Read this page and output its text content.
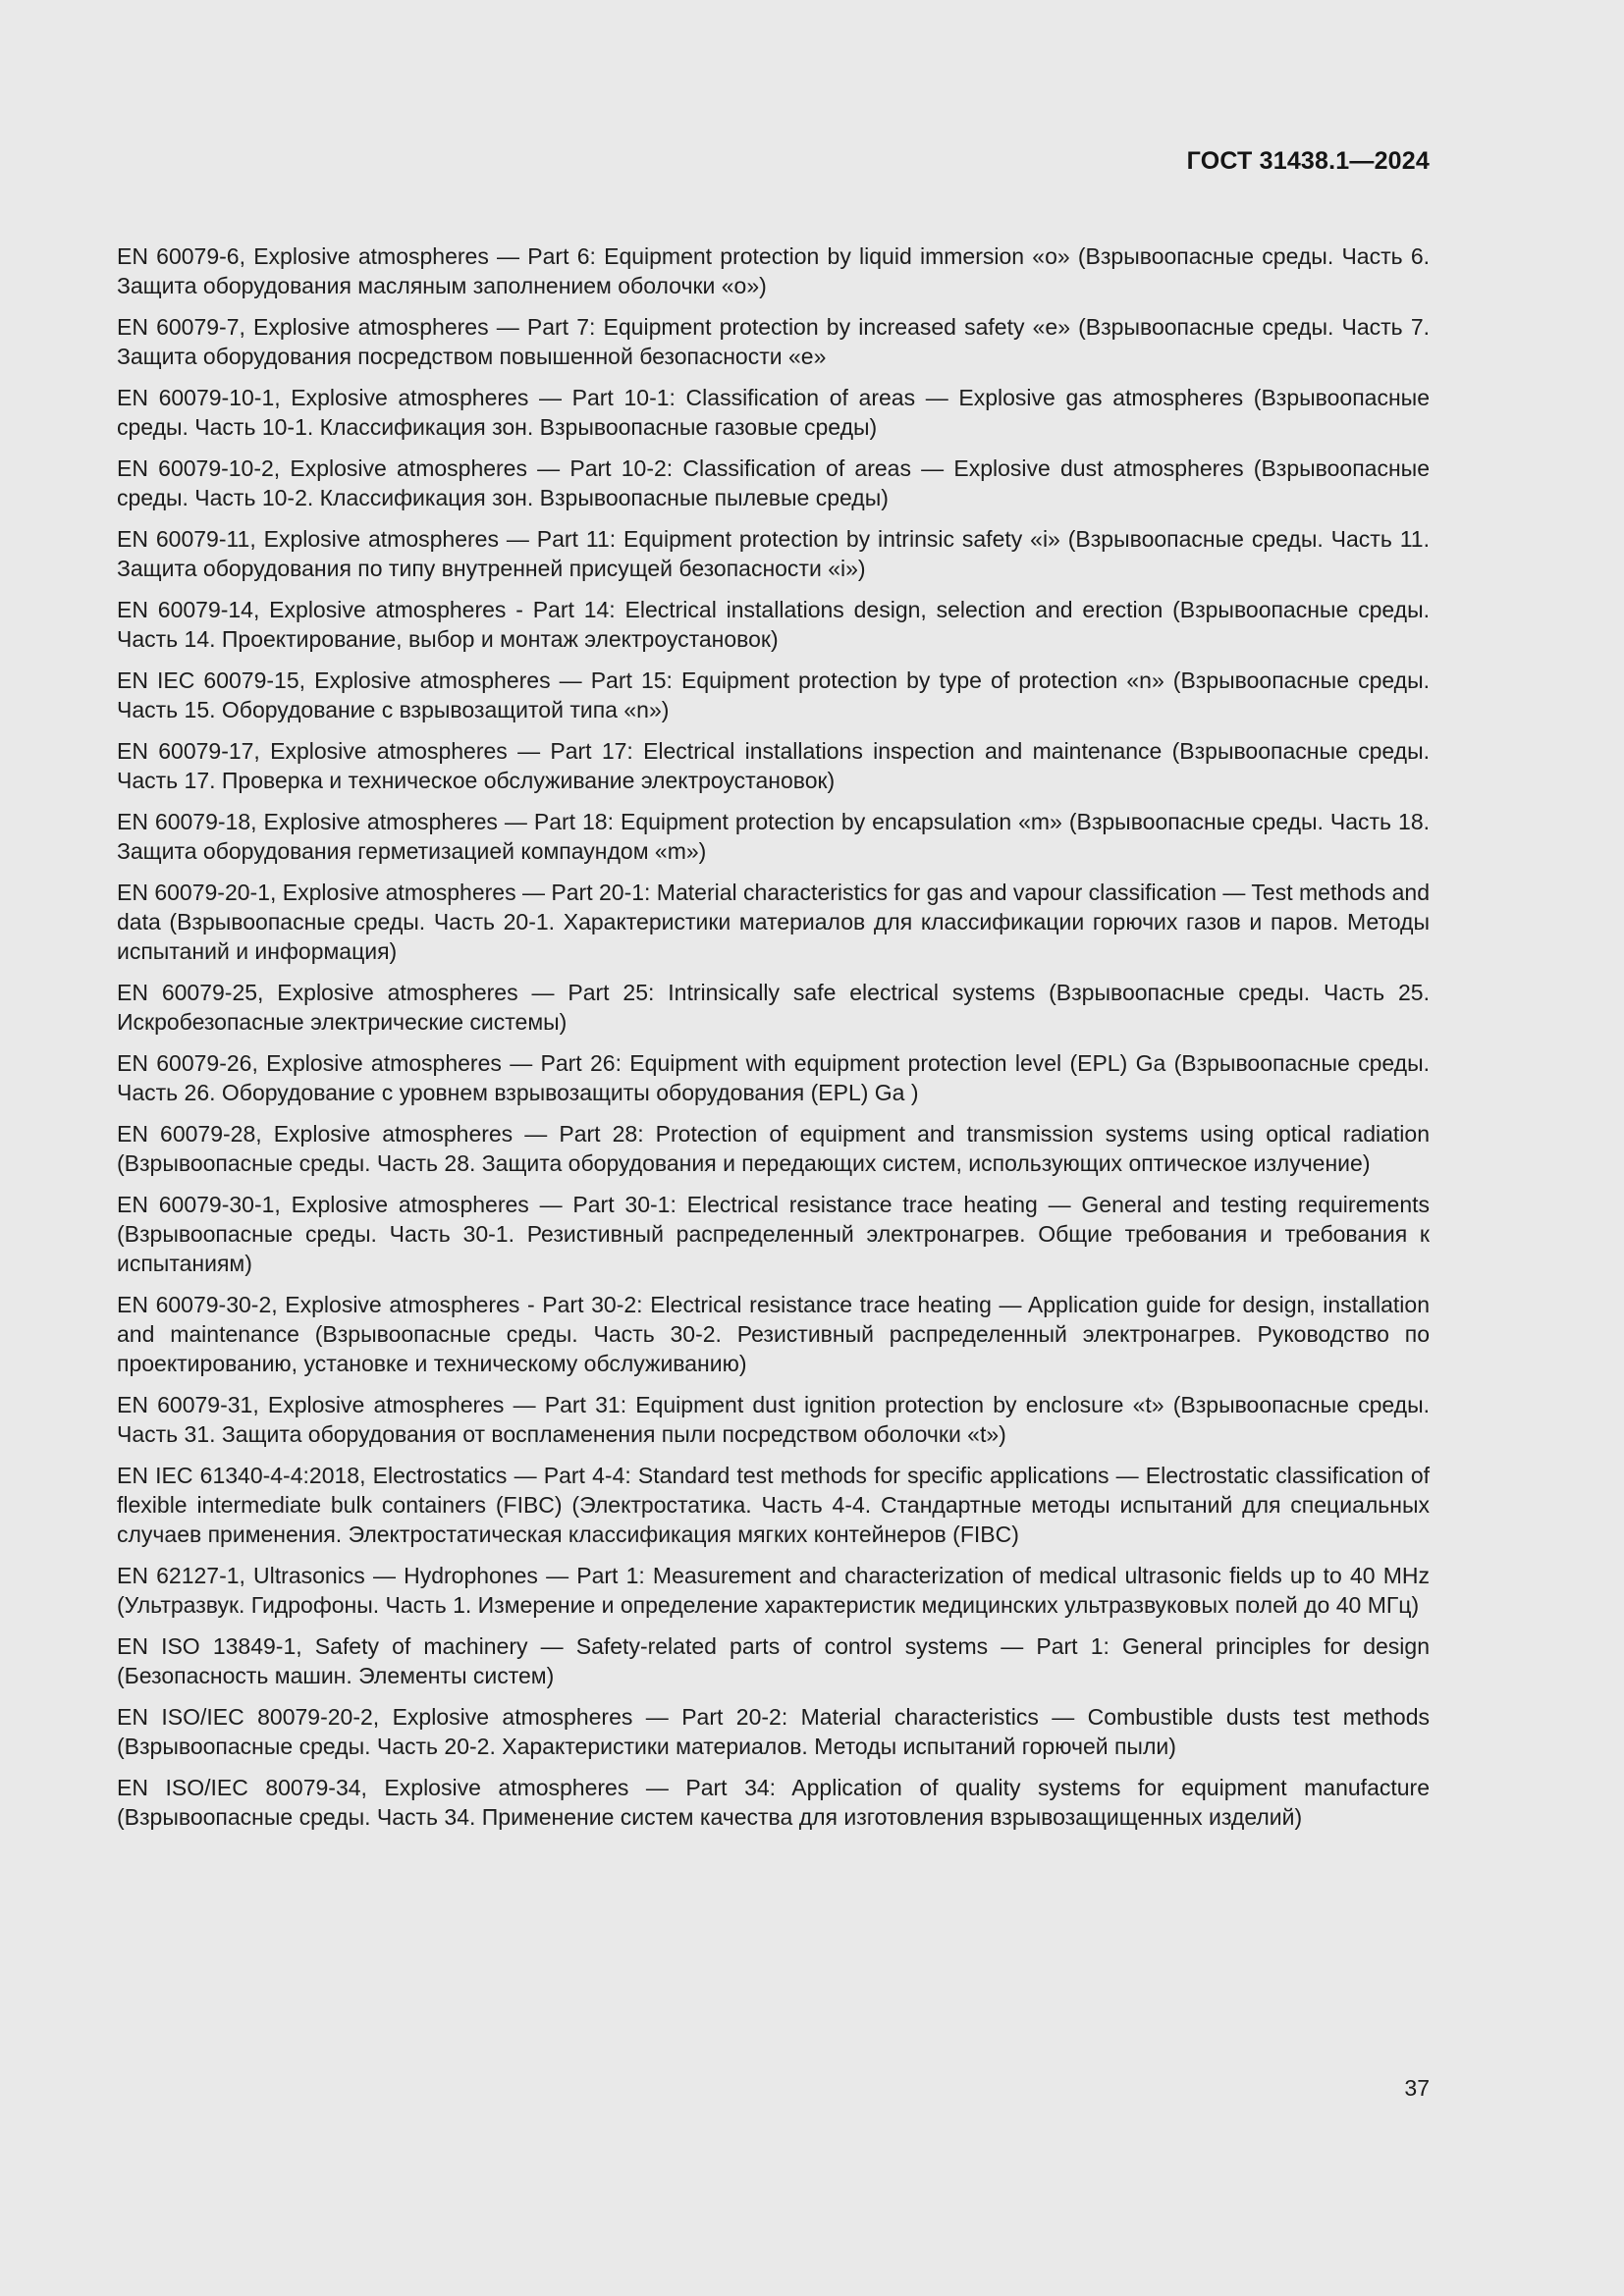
ГОСТ 31438.1—2024
EN 60079-6, Explosive atmospheres — Part 6: Equipment protection by liquid immersion «o» (Взрывоопасные среды. Часть 6. Защита оборудования масляным заполнением оболочки «o»)
EN 60079-7, Explosive atmospheres — Part 7: Equipment protection by increased safety «e» (Взрывоопасные среды. Часть 7. Защита оборудования посредством повышенной безопасности «e»
EN 60079-10-1, Explosive atmospheres — Part 10-1: Classification of areas — Explosive gas atmospheres (Взрывоопасные среды. Часть 10-1. Классификация зон. Взрывоопасные газовые среды)
EN 60079-10-2, Explosive atmospheres — Part 10-2: Classification of areas — Explosive dust atmospheres (Взрывоопасные среды. Часть 10-2. Классификация зон. Взрывоопасные пылевые среды)
EN 60079-11, Explosive atmospheres — Part 11: Equipment protection by intrinsic safety «i» (Взрывоопасные среды. Часть 11. Защита оборудования по типу внутренней присущей безопасности «i»)
EN 60079-14, Explosive atmospheres - Part 14: Electrical installations design, selection and erection (Взрывоопасные среды. Часть 14. Проектирование, выбор и монтаж электроустановок)
EN IEC 60079-15, Explosive atmospheres — Part 15: Equipment protection by type of protection «n» (Взрывоопасные среды. Часть 15. Оборудование с взрывозащитой типа «n»)
EN 60079-17, Explosive atmospheres — Part 17: Electrical installations inspection and maintenance (Взрывоопасные среды. Часть 17. Проверка и техническое обслуживание электроустановок)
EN 60079-18, Explosive atmospheres — Part 18: Equipment protection by encapsulation «m» (Взрывоопасные среды. Часть 18. Защита оборудования герметизацией компаундом «m»)
EN 60079-20-1, Explosive atmospheres — Part 20-1: Material characteristics for gas and vapour classification — Test methods and data (Взрывоопасные среды. Часть 20-1. Характеристики материалов для классификации горючих газов и паров. Методы испытаний и информация)
EN 60079-25, Explosive atmospheres — Part 25: Intrinsically safe electrical systems (Взрывоопасные среды. Часть 25. Искробезопасные электрические системы)
EN 60079-26, Explosive atmospheres — Part 26: Equipment with equipment protection level (EPL) Ga (Взрывоопасные среды. Часть 26. Оборудование с уровнем взрывозащиты оборудования (EPL) Ga )
EN 60079-28, Explosive atmospheres — Part 28: Protection of equipment and transmission systems using optical radiation (Взрывоопасные среды. Часть 28. Защита оборудования и передающих систем, использующих оптическое излучение)
EN 60079-30-1, Explosive atmospheres — Part 30-1: Electrical resistance trace heating — General and testing requirements (Взрывоопасные среды. Часть 30-1. Резистивный распределенный электронагрев. Общие требования и требования к испытаниям)
EN 60079-30-2, Explosive atmospheres - Part 30-2: Electrical resistance trace heating — Application guide for design, installation and maintenance (Взрывоопасные среды. Часть 30-2. Резистивный распределенный электронагрев. Руководство по проектированию, установке и техническому обслуживанию)
EN 60079-31, Explosive atmospheres — Part 31: Equipment dust ignition protection by enclosure «t» (Взрывоопасные среды. Часть 31. Защита оборудования от воспламенения пыли посредством оболочки «t»)
EN IEC 61340-4-4:2018, Electrostatics — Part 4-4: Standard test methods for specific applications — Electrostatic classification of flexible intermediate bulk containers (FIBC) (Электростатика. Часть 4-4. Стандартные методы испытаний для специальных случаев применения. Электростатическая классификация мягких контейнеров (FIBC)
EN 62127-1, Ultrasonics — Hydrophones — Part 1: Measurement and characterization of medical ultrasonic fields up to 40 MHz (Ультразвук. Гидрофоны. Часть 1. Измерение и определение характеристик медицинских ультразвуковых полей до 40 МГц)
EN ISO 13849-1, Safety of machinery — Safety-related parts of control systems — Part 1: General principles for design (Безопасность машин. Элементы систем)
EN ISO/IEC 80079-20-2, Explosive atmospheres — Part 20-2: Material characteristics — Combustible dusts test methods (Взрывоопасные среды. Часть 20-2. Характеристики материалов. Методы испытаний горючей пыли)
EN ISO/IEC 80079-34, Explosive atmospheres — Part 34: Application of quality systems for equipment manufacture (Взрывоопасные среды. Часть 34. Применение систем качества для изготовления взрывозащищенных изделий)
37
